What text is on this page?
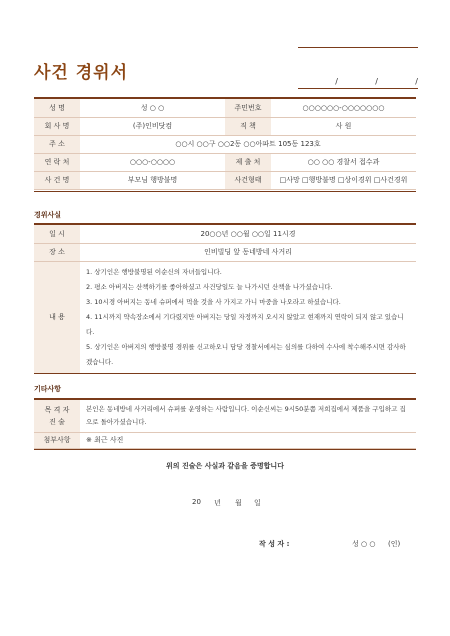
사건 경위서	/	/	/
성 명	성 ○ ○	주민번호	○○○○○○-○○○○○○○
회 사 명	(주)인비닷컴	직 책	사 원
주 소	○○시 ○○구 ○○2동 ○○아파트 105동 123호		
연 락 처	○○○-○○○○	제 출 처	○○ ○○ 경찰서 접수과
사 건 명	부모님 행방불명	사건형태	□사망 □행방불명 □상이경위 □사건경위
경위사실
일 시	20○○년 ○○월 ○○일 11시경
장 소	인비빌딩 앞 동네방네 사거리
내 용	1. 상기인은 행방불명된 이순신의 자녀들입니다.
2. 평소 아버지는 산책하기를 좋아하셨고 사건당일도 늘 나가시던 산책을 나가셨습니다.
3. 10시경 아버지는 동네 슈퍼에서 먹을 것을 사 가지고 가니 마중을 나오라고 하셨습니다.
4. 11시까지 약속장소에서 기다렸지만 아버지는 당일 자정까지 오시지 않았고 현재까지 연락이 되지 않고 있습니다.
5. 상기인은 아버지의 행방불명 경위를 신고하오니 담당 경찰서에서는 심의를 다하여 수사에 착수해주시면 감사하겠습니다.
기타사항
목 격 자
진 술	본인은 동네방네 사거리에서 슈퍼를 운영하는 사람입니다. 이순신씨는 9시50분쯤 저희집에서 제품을 구입하고 집으로 돌아가셨습니다.
첨부사항	※ 최근 사진
위의 진술은 사실과 같음을 증명합니다
20 년 월 일
작 성 자 :	성 ○ ○ (인)
